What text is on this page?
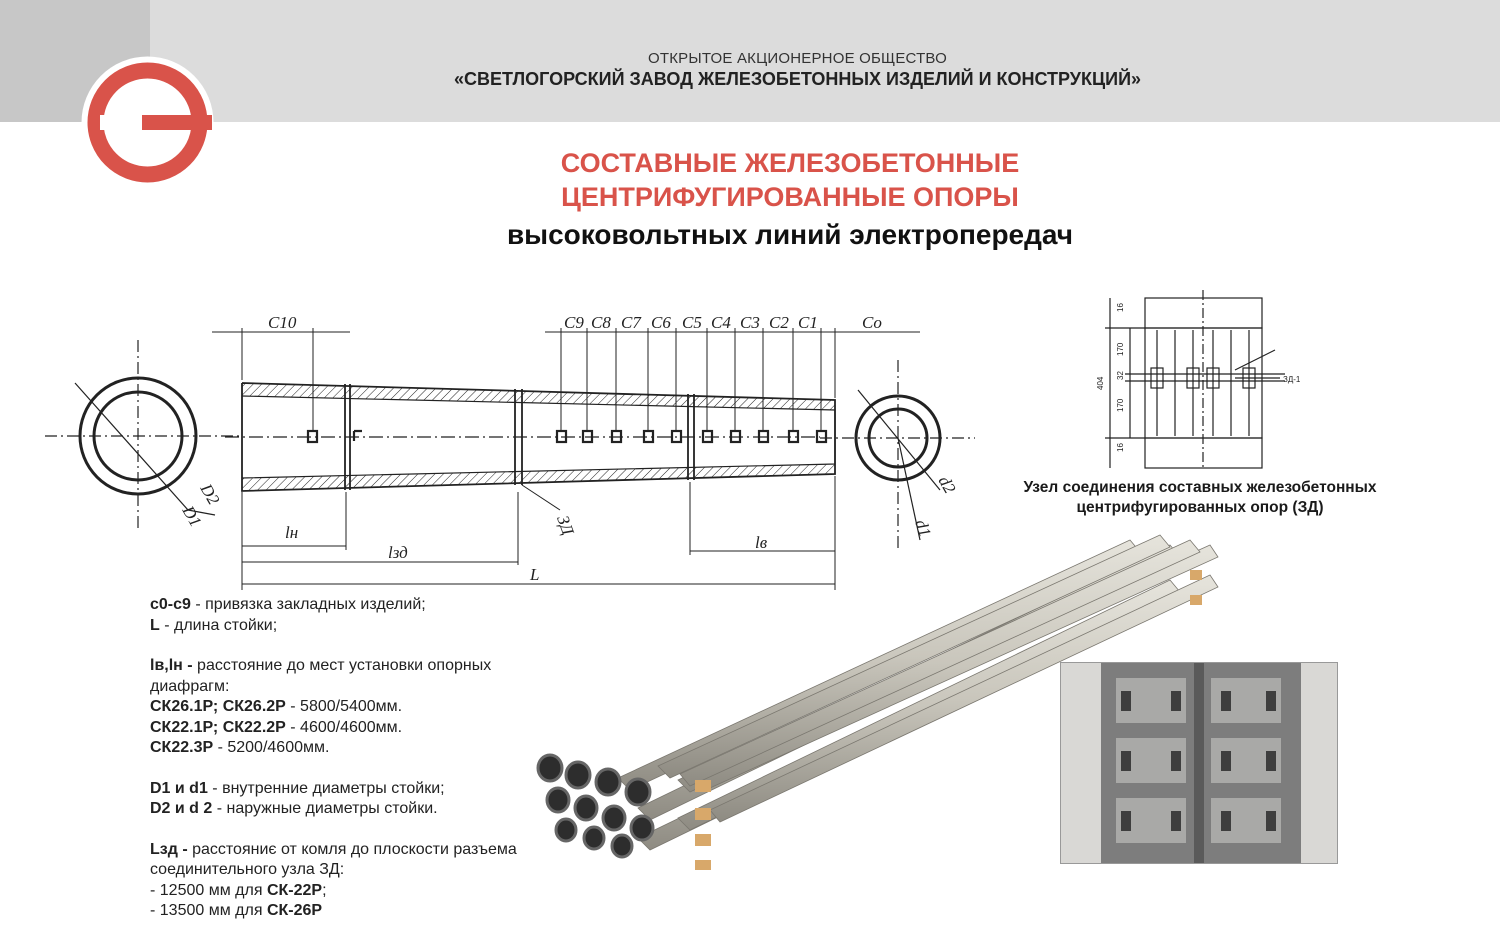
ОТКРЫТОЕ АКЦИОНЕРНОЕ ОБЩЕСТВО
«СВЕТЛОГОРСКИЙ ЗАВОД ЖЕЛЕЗОБЕТОННЫХ ИЗДЕЛИЙ И КОНСТРУКЦИЙ»
СОСТАВНЫЕ ЖЕЛЕЗОБЕТОННЫЕ
ЦЕНТРИФУГИРОВАННЫЕ ОПОРЫ
высоковольтных линий электропередач
C10	C9 C8 C7 C6 C5 C4 C3 C2 C1	Co
D2
D1
d2
d1
ЗД
lн
lзд
lв
L
16
170
32
170
16
404	ЗД-1
Узел соединения составных железобетонных
центрифугированных опор (ЗД)
c0-c9 - привязка закладных изделий;
L - длина стойки;
lв,lн - расстояние до мест установки опорных диафрагм:
СК26.1Р; СК26.2Р - 5800/5400мм.
СК22.1Р; СК22.2Р - 4600/4600мм.
СК22.3Р - 5200/4600мм.
D1 и d1 - внутренние диаметры стойки;
D2 и d 2 - наружные диаметры стойки.
Lзд - расстояниє от комля до плоскости разъема соединительного узла ЗД:
- 12500 мм для СК-22Р;
- 13500 мм для СК-26Р
